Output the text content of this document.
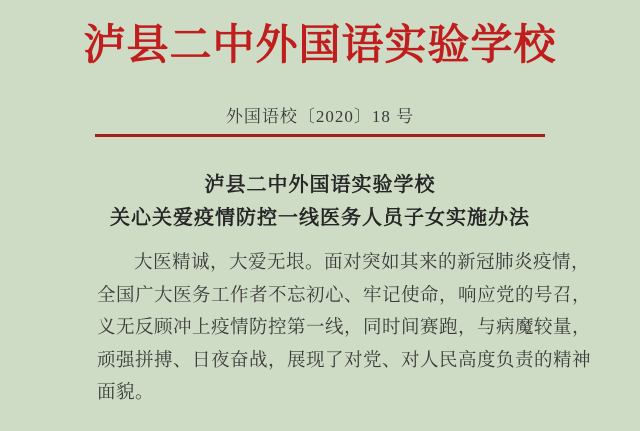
泸县二中外国语实验学校
外国语校〔2020〕18 号
泸县二中外国语实验学校
关心关爱疫情防控一线医务人员子女实施办法
大医精诚，大爱无垠。面对突如其来的新冠肺炎疫情，
全国广大医务工作者不忘初心、牢记使命，响应党的号召，
义无反顾冲上疫情防控第一线，同时间赛跑，与病魔较量，
顽强拼搏、日夜奋战，展现了对党、对人民高度负责的精神
面貌。
